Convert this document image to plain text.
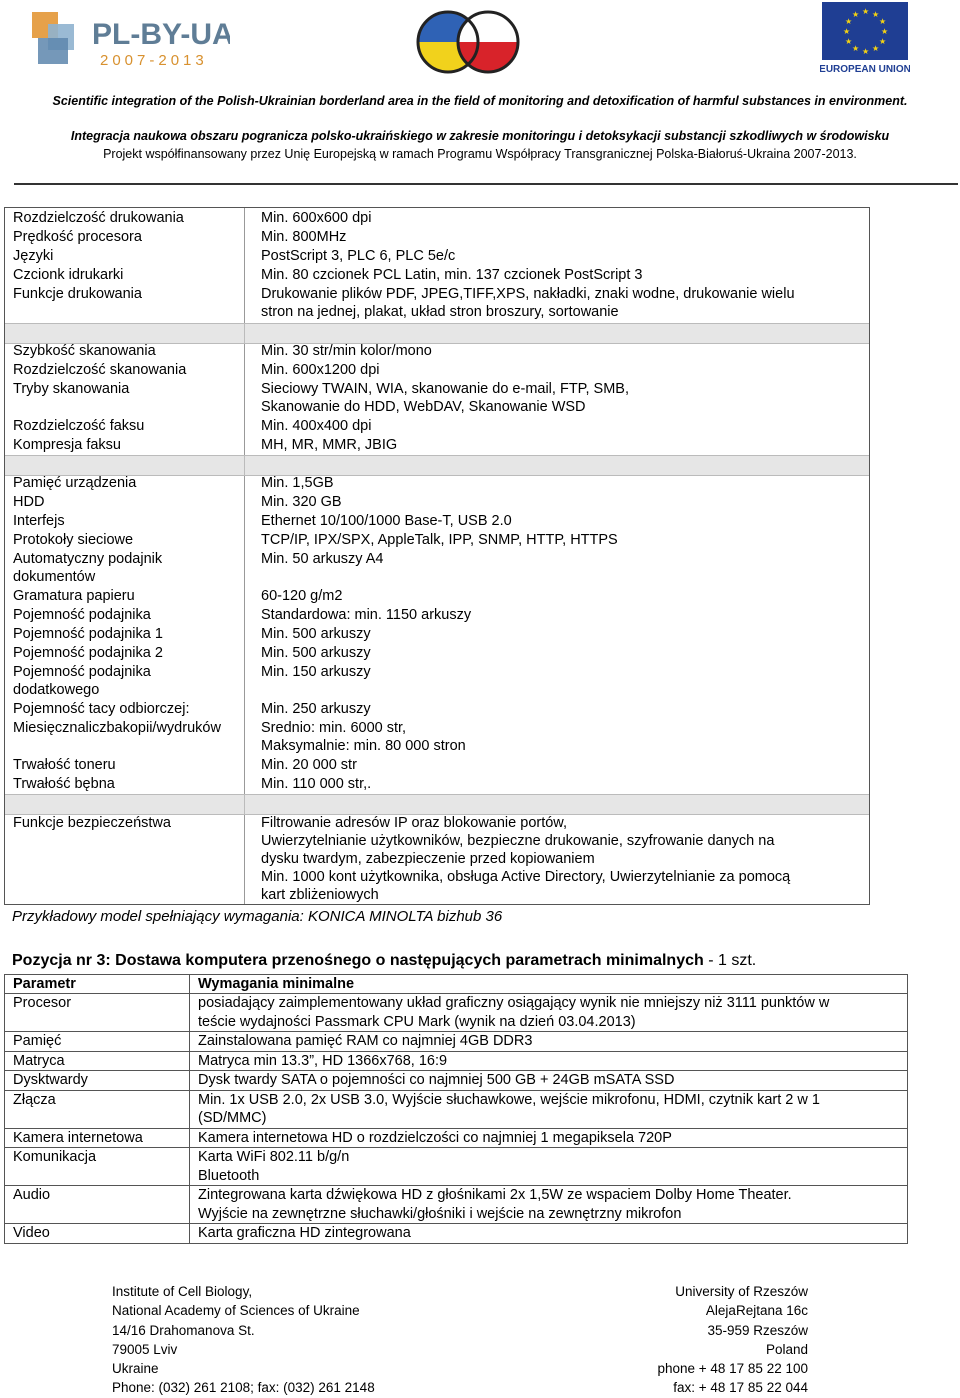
PL-BY-UA
2007-2013
★ ★
★
★
★
★
★
★
★
★
★
★
EUROPEAN UNION
Scientific integration of the Polish-Ukrainian borderland area in the field of monitoring and detoxification of harmful substances in environment.
Integracja naukowa obszaru pogranicza polsko-ukraińskiego w zakresie monitoringu i detoksykacji substancji szkodliwych w środowisku
Projekt współfinansowany przez Unię Europejską w ramach Programu Współpracy Transgranicznej Polska-Białoruś-Ukraina 2007-2013.
Rozdzielczość drukowania	Min. 600x600 dpi
Prędkość procesora	Min. 800MHz
Języki	PostScript 3, PLC 6, PLC 5e/c
Czcionk idrukarki	Min. 80 czcionek PCL Latin, min. 137 czcionek PostScript 3
Funkcje drukowania	Drukowanie plików PDF, JPEG,TIFF,XPS, nakładki, znaki wodne, drukowanie wielu
stron na jednej, plakat, układ stron broszury, sortowanie
Szybkość skanowania	Min. 30 str/min kolor/mono
Rozdzielczość skanowania	Min. 600x1200 dpi
Tryby skanowania	Sieciowy TWAIN, WIA, skanowanie do e-mail, FTP, SMB,
Skanowanie do HDD, WebDAV, Skanowanie WSD
Rozdzielczość faksu	Min. 400x400 dpi
Kompresja faksu	MH, MR, MMR, JBIG
Pamięć urządzenia	Min. 1,5GB
HDD	Min. 320 GB
Interfejs	Ethernet 10/100/1000 Base-T, USB 2.0
Protokoły sieciowe	TCP/IP, IPX/SPX, AppleTalk, IPP, SNMP, HTTP, HTTPS
Automatyczny podajnik	Min. 50 arkuszy A4
dokumentów
Gramatura papieru	60-120 g/m2
Pojemność podajnika	Standardowa: min. 1150 arkuszy
Pojemność podajnika 1	Min. 500 arkuszy
Pojemność podajnika 2	Min. 500 arkuszy
Pojemność podajnika	Min. 150 arkuszy
dodatkowego
Pojemność tacy odbiorczej:	Min. 250 arkuszy
Miesięcznaliczbakopii/wydruków	Srednio: min. 6000 str,
Maksymalnie: min. 80 000 stron
Trwałość toneru	Min. 20 000 str
Trwałość bębna	Min. 110 000 str,.
Funkcje bezpieczeństwa	Filtrowanie adresów IP oraz blokowanie portów,
Uwierzytelnianie użytkowników, bezpieczne drukowanie, szyfrowanie danych na
dysku twardym, zabezpieczenie przed kopiowaniem
Min. 1000 kont użytkownika, obsługa Active Directory, Uwierzytelnianie za pomocą
kart zbliżeniowych
Przykładowy model spełniający wymagania: KONICA MINOLTA bizhub 36
Pozycja nr 3: Dostawa komputera przenośnego o następujących parametrach minimalnych - 1 szt.
Parametr	Wymagania minimalne
Procesor	posiadający zaimplementowany układ graficzny osiągający wynik nie mniejszy niż 3111 punktów w
teście wydajności Passmark CPU Mark (wynik na dzień 03.04.2013)

Pamięć	Zainstalowana pamięć RAM co najmniej 4GB DDR3

Matryca	Matryca min 13.3”, HD 1366x768, 16:9

Dysktwardy	Dysk twardy SATA o pojemności co najmniej 500 GB + 24GB mSATA SSD

Złącza	Min. 1x USB 2.0, 2x USB 3.0, Wyjście słuchawkowe, wejście mikrofonu, HDMI, czytnik kart 2 w 1
(SD/MMC)

Kamera internetowa	Kamera internetowa HD o rozdzielczości co najmniej 1 megapiksela 720P

Komunikacja	Karta WiFi 802.11 b/g/n
Bluetooth

Audio	Zintegrowana karta dźwiękowa HD z głośnikami 2x 1,5W ze wspaciem Dolby Home Theater.
Wyjście na zewnętrzne słuchawki/głośniki i wejście na zewnętrzny mikrofon

Video	Karta graficzna HD zintegrowana
Institute of Cell Biology,
National Academy of Sciences of Ukraine
14/16 Drahomanova St.
79005 Lviv
Ukraine
Phone: (032) 261 2108; fax: (032) 261 2148
University of Rzeszów
AlejaRejtana 16c
35-959 Rzeszów
Poland
phone + 48 17 85 22 100
fax: + 48 17 85 22 044
